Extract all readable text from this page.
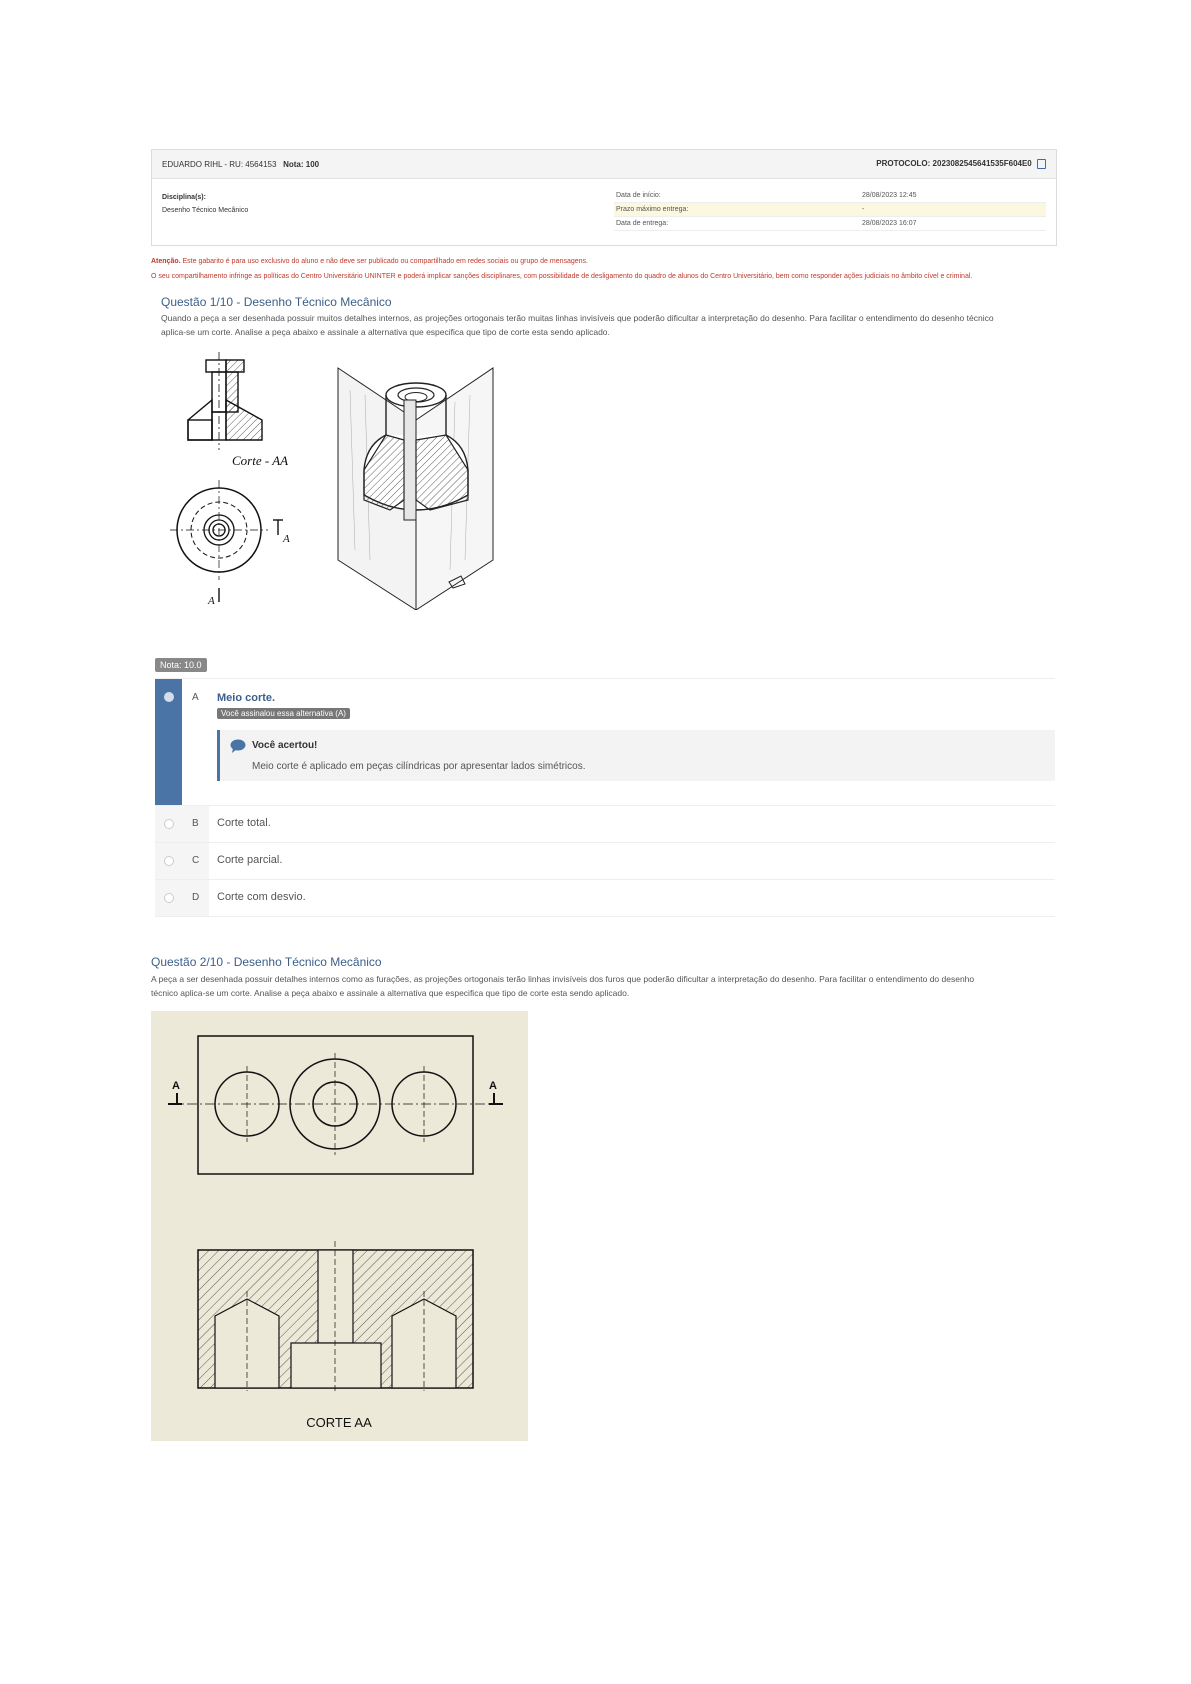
EDUARDO RIHL - RU: 4564153 Nota: 100	PROTOCOLO: 2023082545641535F604E0
Disciplina(s):
Desenho Técnico Mecânico
Data de início:	28/08/2023 12:45
Prazo máximo entrega:	-
Data de entrega:	28/08/2023 16:07
Atenção. Este gabarito é para uso exclusivo do aluno e não deve ser publicado ou compartilhado em redes sociais ou grupo de mensagens.
O seu compartilhamento infringe as políticas do Centro Universitário UNINTER e poderá implicar sanções disciplinares, com possibilidade de desligamento do quadro de alunos do Centro Universitário, bem como responder ações judiciais no âmbito cível e criminal.
Questão 1/10 - Desenho Técnico Mecânico
Quando a peça a ser desenhada possuir muitos detalhes internos, as projeções ortogonais terão muitas linhas invisíveis que poderão dificultar a interpretação do desenho. Para facilitar o entendimento do desenho técnico
aplica-se um corte. Analise a peça abaixo e assinale a alternativa que especifica que tipo de corte esta sendo aplicado.
Corte - AA
A
A
Nota: 10.0
A Meio corte.
Você assinalou essa alternativa (A)
Você acertou!
Meio corte é aplicado em peças cilíndricas por apresentar lados simétricos.
B Corte total.
C Corte parcial.
D Corte com desvio.
Questão 2/10 - Desenho Técnico Mecânico
A peça a ser desenhada possuir detalhes internos como as furações, as projeções ortogonais terão linhas invisíveis dos furos que poderão dificultar a interpretação do desenho. Para facilitar o entendimento do desenho
técnico aplica-se um corte. Analise a peça abaixo e assinale a alternativa que especifica que tipo de corte esta sendo aplicado.
A	A
CORTE AA
